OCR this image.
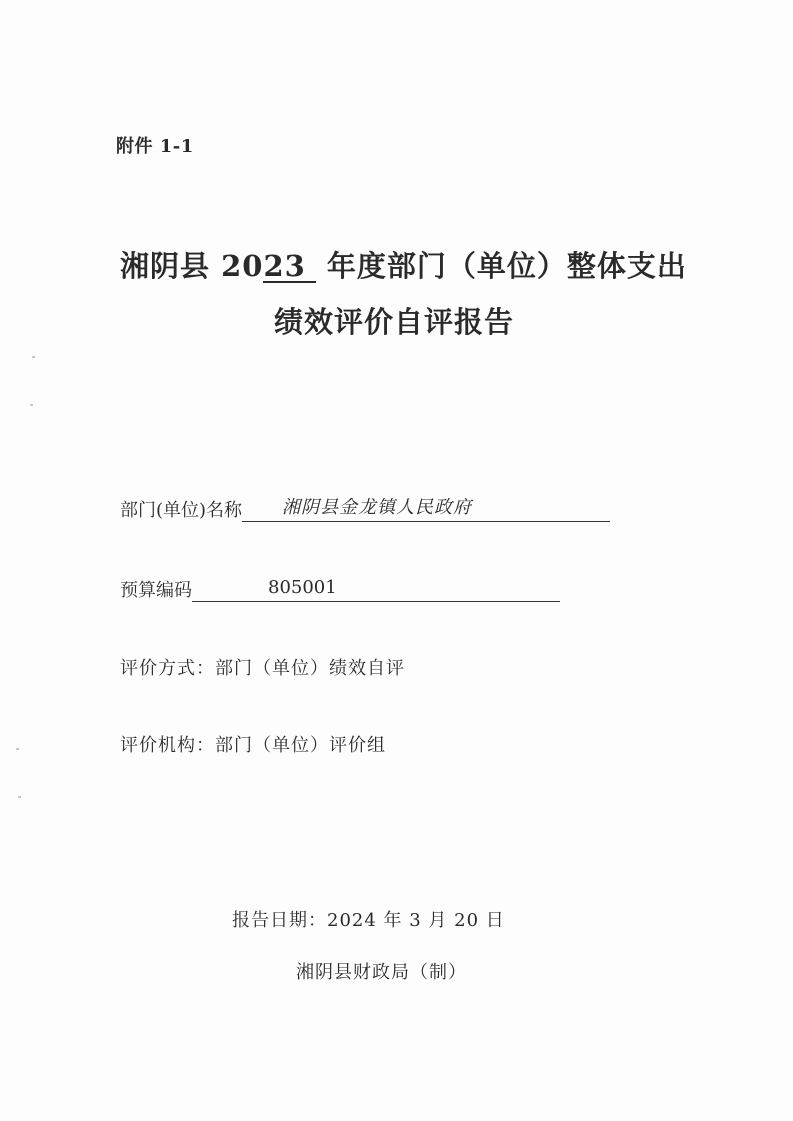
附件 1-1
湘阴县 2023 年度部门（单位）整体支出
绩效评价自评报告
部门(单位)名称 湘阴县金龙镇人民政府
预算编码	805001
评价方式：部门（单位）绩效自评
评价机构：部门（单位）评价组
报告日期：2024 年 3 月 20 日
湘阴县财政局（制）
